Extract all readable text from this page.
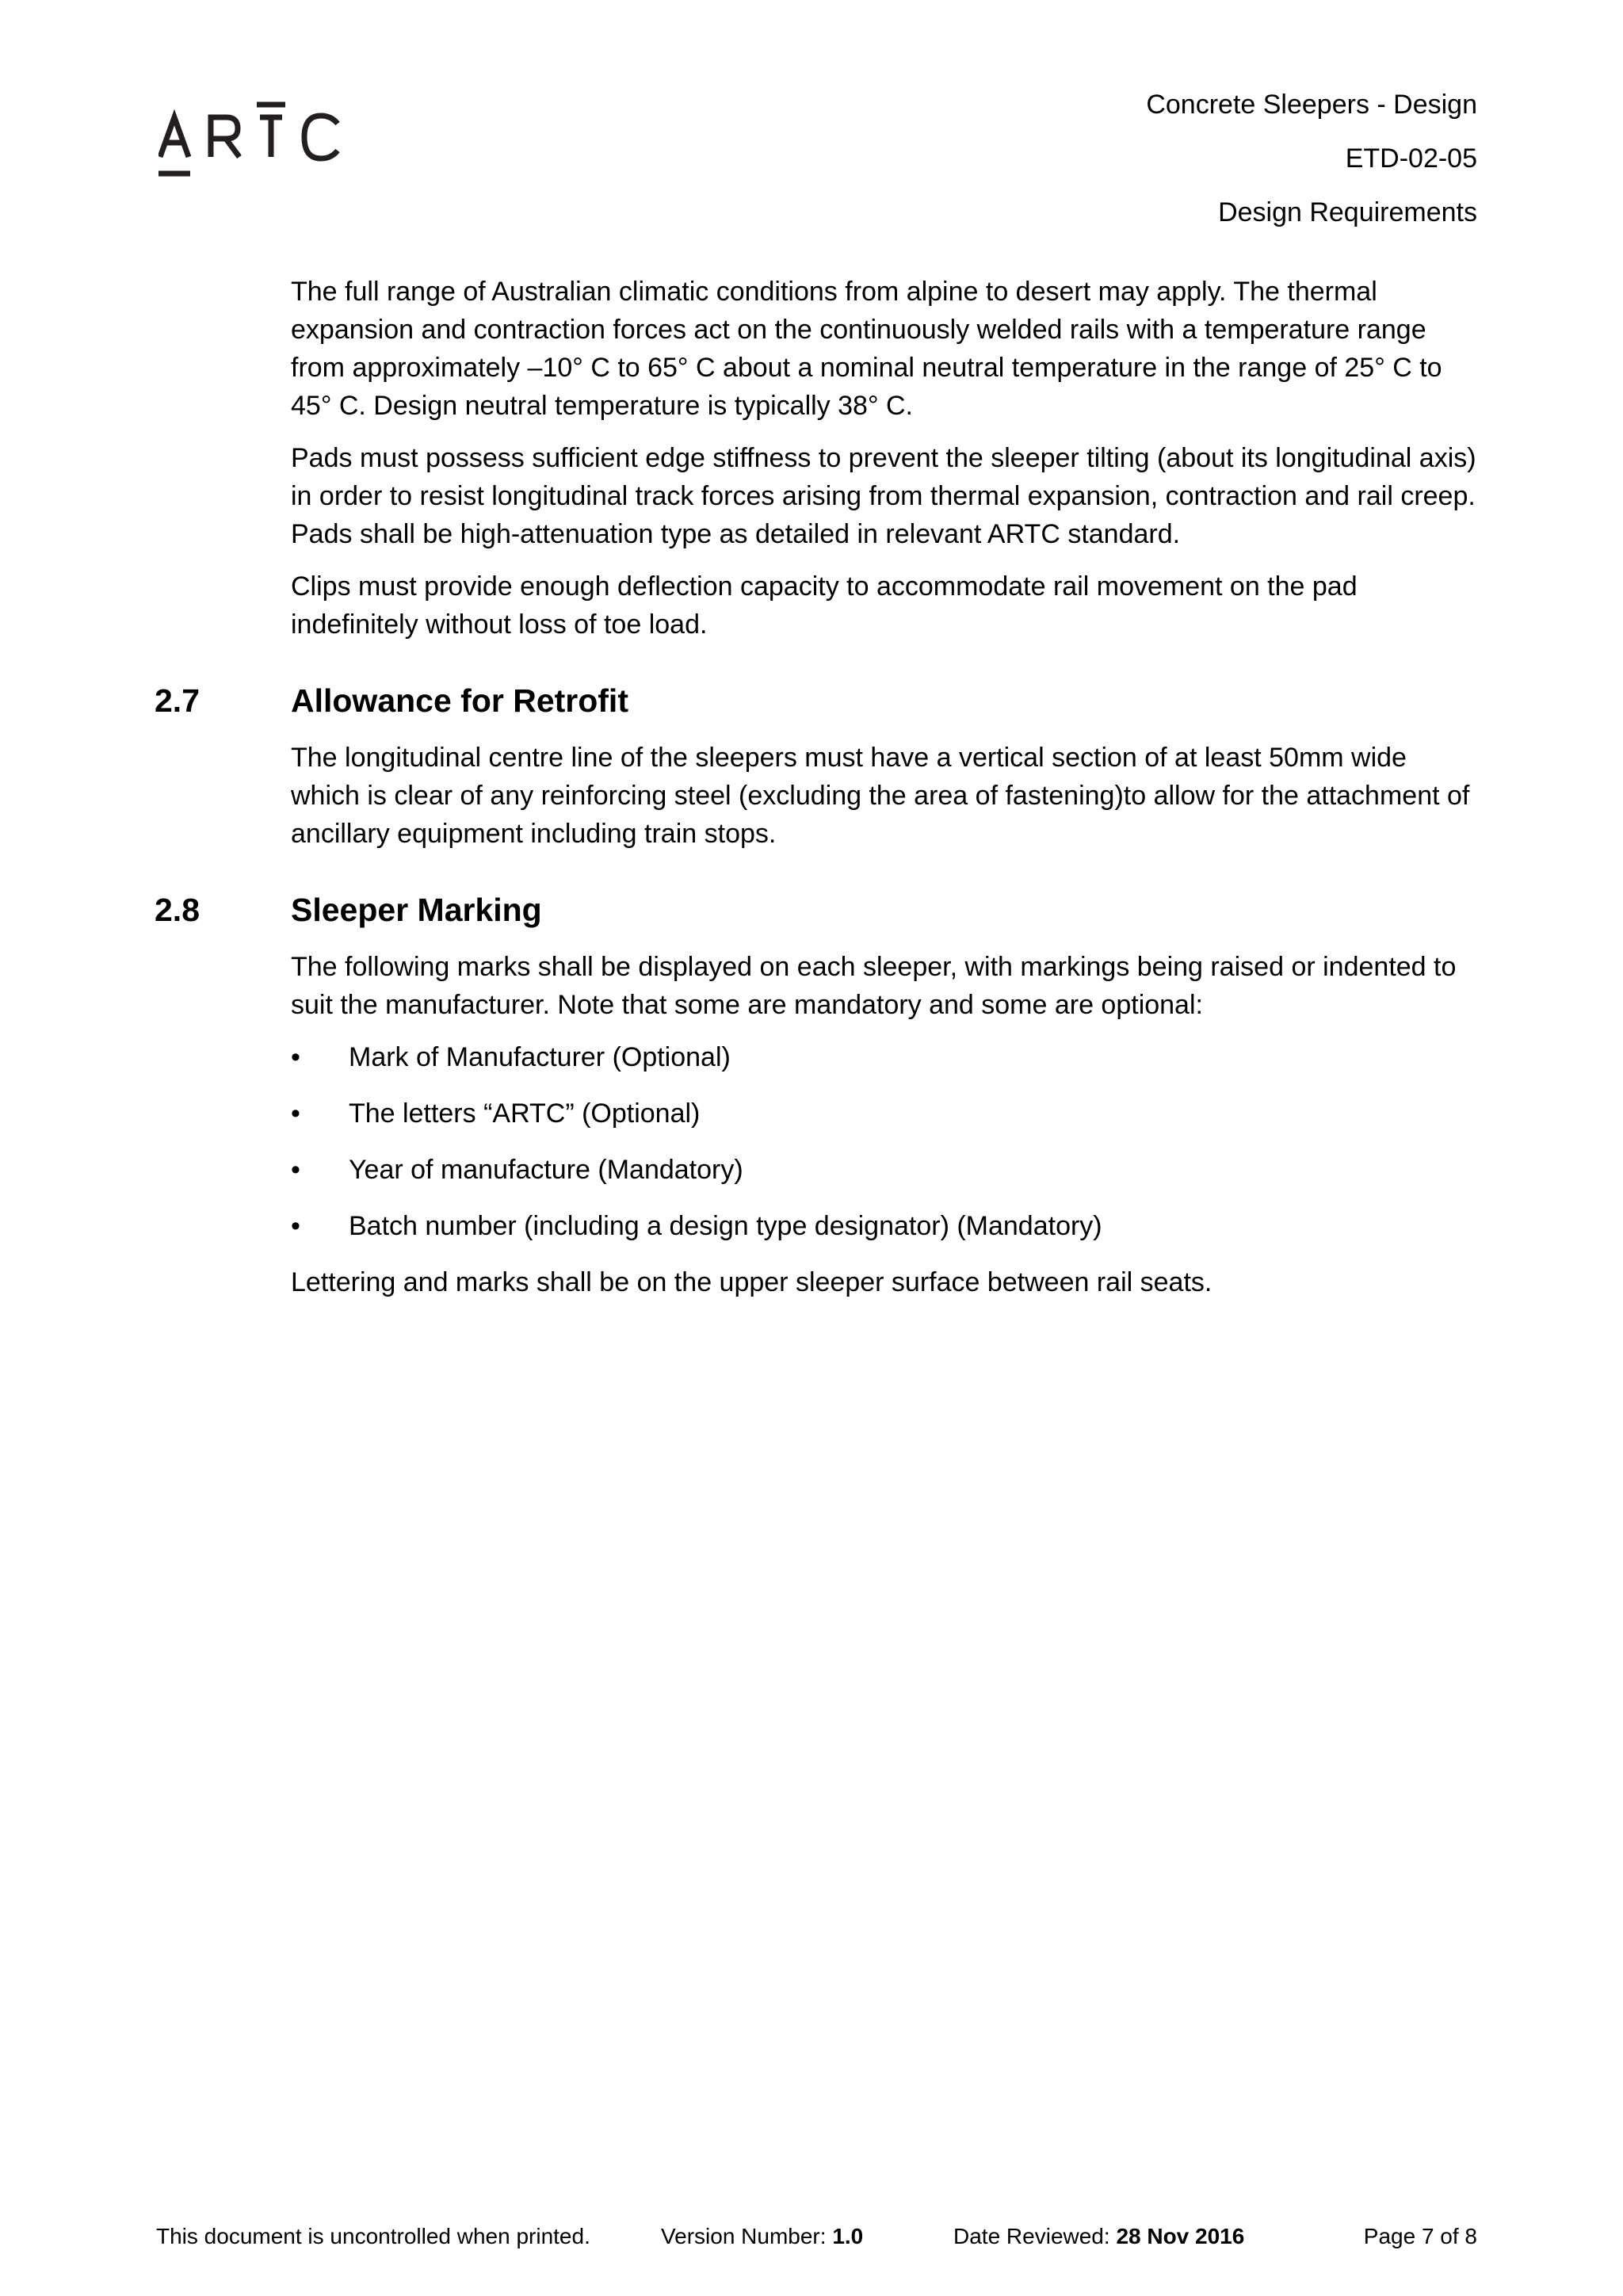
Concrete Sleepers - Design
ETD-02-05
Design Requirements

The full range of Australian climatic conditions from alpine to desert may apply. The thermal expansion and contraction forces act on the continuously welded rails with a temperature range from approximately –10° C to 65° C about a nominal neutral temperature in the range of 25° C to 45° C. Design neutral temperature is typically 38° C.

Pads must possess sufficient edge stiffness to prevent the sleeper tilting (about its longitudinal axis) in order to resist longitudinal track forces arising from thermal expansion, contraction and rail creep. Pads shall be high-attenuation type as detailed in relevant ARTC standard.

Clips must provide enough deflection capacity to accommodate rail movement on the pad indefinitely without loss of toe load.

2.7	Allowance for Retrofit

The longitudinal centre line of the sleepers must have a vertical section of at least 50mm wide which is clear of any reinforcing steel (excluding the area of fastening)to allow for the attachment of ancillary equipment including train stops.

2.8	Sleeper Marking

The following marks shall be displayed on each sleeper, with markings being raised or indented to suit the manufacturer. Note that some are mandatory and some are optional:

• Mark of Manufacturer (Optional)
• The letters “ARTC” (Optional)
• Year of manufacture (Mandatory)
• Batch number (including a design type designator) (Mandatory)

Lettering and marks shall be on the upper sleeper surface between rail seats.

This document is uncontrolled when printed.	Version Number: 1.0	Date Reviewed: 28 Nov 2016	Page 7 of 8
